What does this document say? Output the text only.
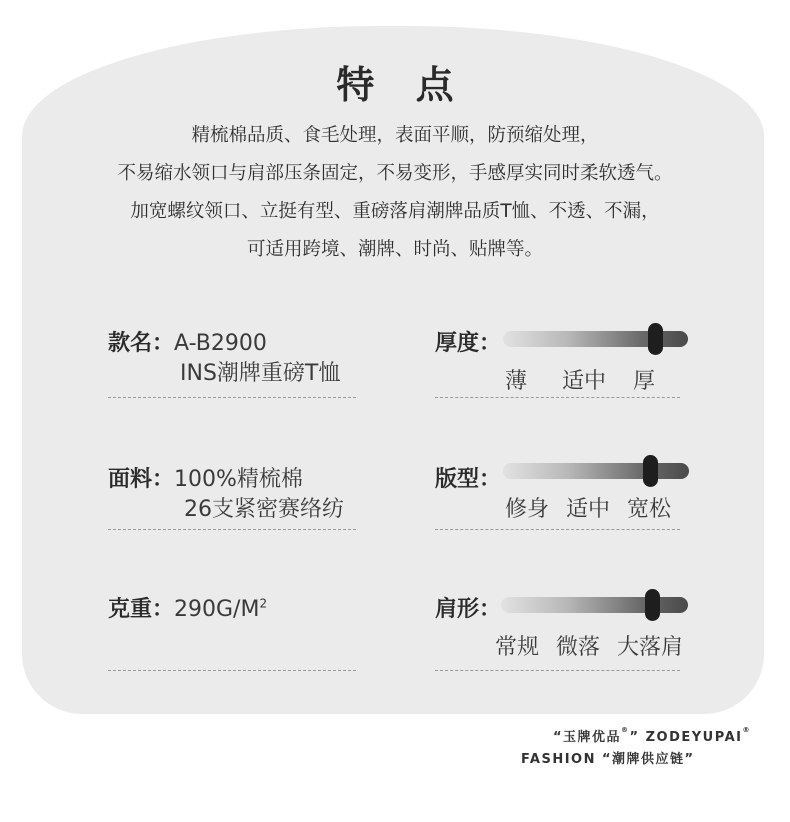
特 点
精梳棉品质、食毛处理，表面平顺，防预缩处理，
不易缩水领口与肩部压条固定，不易变形，手感厚实同时柔软透气。
加宽螺纹领口、立挺有型、重磅落肩潮牌品质T恤、不透、不漏，
可适用跨境、潮牌、时尚、贴牌等。
款名：A-B2900
INS潮牌重磅T恤
面料：100%精梳棉
26支紧密赛络纺
克重：$290G/M^2$
厚度：
薄 适中 厚
版型：
修身 适中 宽松
肩形：
常规 微落 大落肩
“玉牌优品®” ZODEYUPAI®
FASHION “潮牌供应链”
